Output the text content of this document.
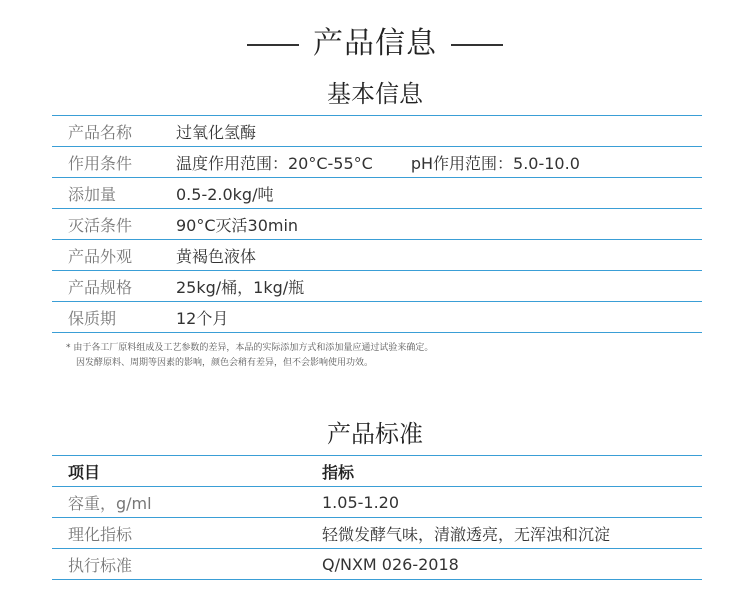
产品信息
基本信息
产品名称	过氧化氢酶
作用条件	温度作用范围：20°C-55°C pH作用范围：5.0-10.0
添加量	0.5-2.0kg/吨
灭活条件	90°C灭活30min
产品外观	黄褐色液体
产品规格	25kg/桶，1kg/瓶
保质期	12个月
* 由于各工厂原料组成及工艺参数的差异，本品的实际添加方式和添加量应通过试验来确定。
因发酵原料、周期等因素的影响，颜色会稍有差异，但不会影响使用功效。
产品标准
项目	指标
容重，g/ml	1.05-1.20
理化指标	轻微发酵气味，清澈透亮，无浑浊和沉淀
执行标准	Q/NXM 026-2018
